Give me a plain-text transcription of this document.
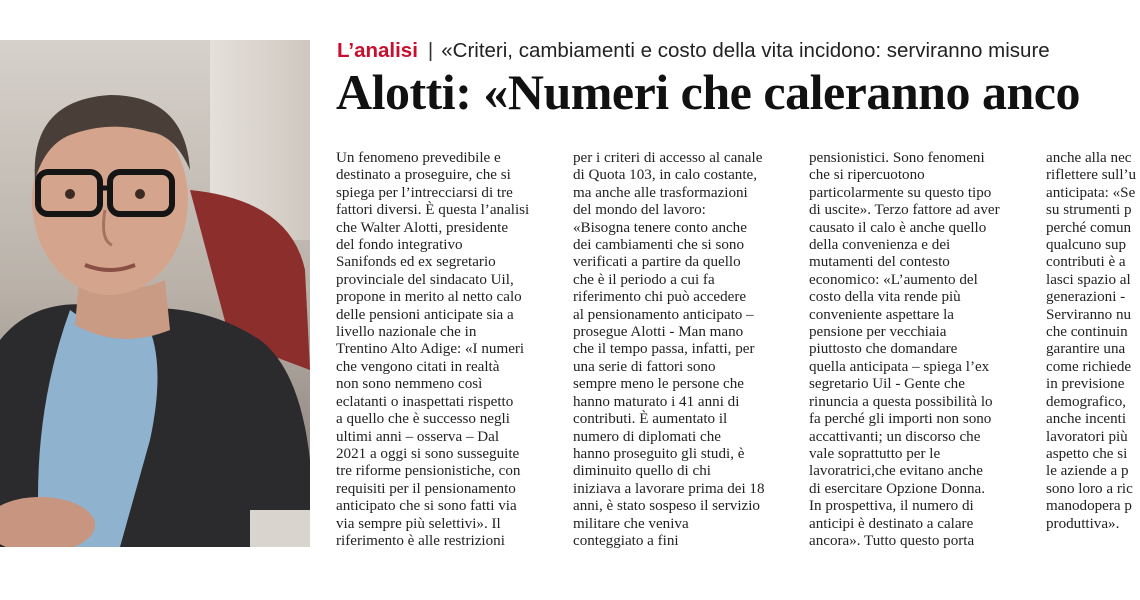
L’analisi | «Criteri, cambiamenti e costo della vita incidono: serviranno misure
Alotti: «Numeri che caleranno anco
Un fenomeno prevedibile e
destinato a proseguire, che si
spiega per l’intrecciarsi di tre
fattori diversi. È questa l’analisi
che Walter Alotti, presidente
del fondo integrativo
Sanifonds ed ex segretario
provinciale del sindacato Uil,
propone in merito al netto calo
delle pensioni anticipate sia a
livello nazionale che in
Trentino Alto Adige: «I numeri
che vengono citati in realtà
non sono nemmeno così
eclatanti o inaspettati rispetto
a quello che è successo negli
ultimi anni – osserva – Dal
2021 a oggi si sono susseguite
tre riforme pensionistiche, con
requisiti per il pensionamento
anticipato che si sono fatti via
via sempre più selettivi». Il
riferimento è alle restrizioni
per i criteri di accesso al canale
di Quota 103, in calo costante,
ma anche alle trasformazioni
del mondo del lavoro:
«Bisogna tenere conto anche
dei cambiamenti che si sono
verificati a partire da quello
che è il periodo a cui fa
riferimento chi può accedere
al pensionamento anticipato –
prosegue Alotti - Man mano
che il tempo passa, infatti, per
una serie di fattori sono
sempre meno le persone che
hanno maturato i 41 anni di
contributi. È aumentato il
numero di diplomati che
hanno proseguito gli studi, è
diminuito quello di chi
iniziava a lavorare prima dei 18
anni, è stato sospeso il servizio
militare che veniva
conteggiato a fini
pensionistici. Sono fenomeni
che si ripercuotono
particolarmente su questo tipo
di uscite». Terzo fattore ad aver
causato il calo è anche quello
della convenienza e dei
mutamenti del contesto
economico: «L’aumento del
costo della vita rende più
conveniente aspettare la
pensione per vecchiaia
piuttosto che domandare
quella anticipata – spiega l’ex
segretario Uil - Gente che
rinuncia a questa possibilità lo
fa perché gli importi non sono
accattivanti; un discorso che
vale soprattutto per le
lavoratrici,che evitano anche
di esercitare Opzione Donna.
In prospettiva, il numero di
anticipi è destinato a calare
ancora». Tutto questo porta
anche alla nec
riflettere sull’u
anticipata: «Se
su strumenti p
perché comun
qualcuno sup
contributi è a
lasci spazio al
generazioni -
Serviranno nu
che continuin
garantire una
come richiede
in previsione
demografico,
anche incenti
lavoratori più
aspetto che si
le aziende a p
sono loro a ric
manodopera p
produttiva».
